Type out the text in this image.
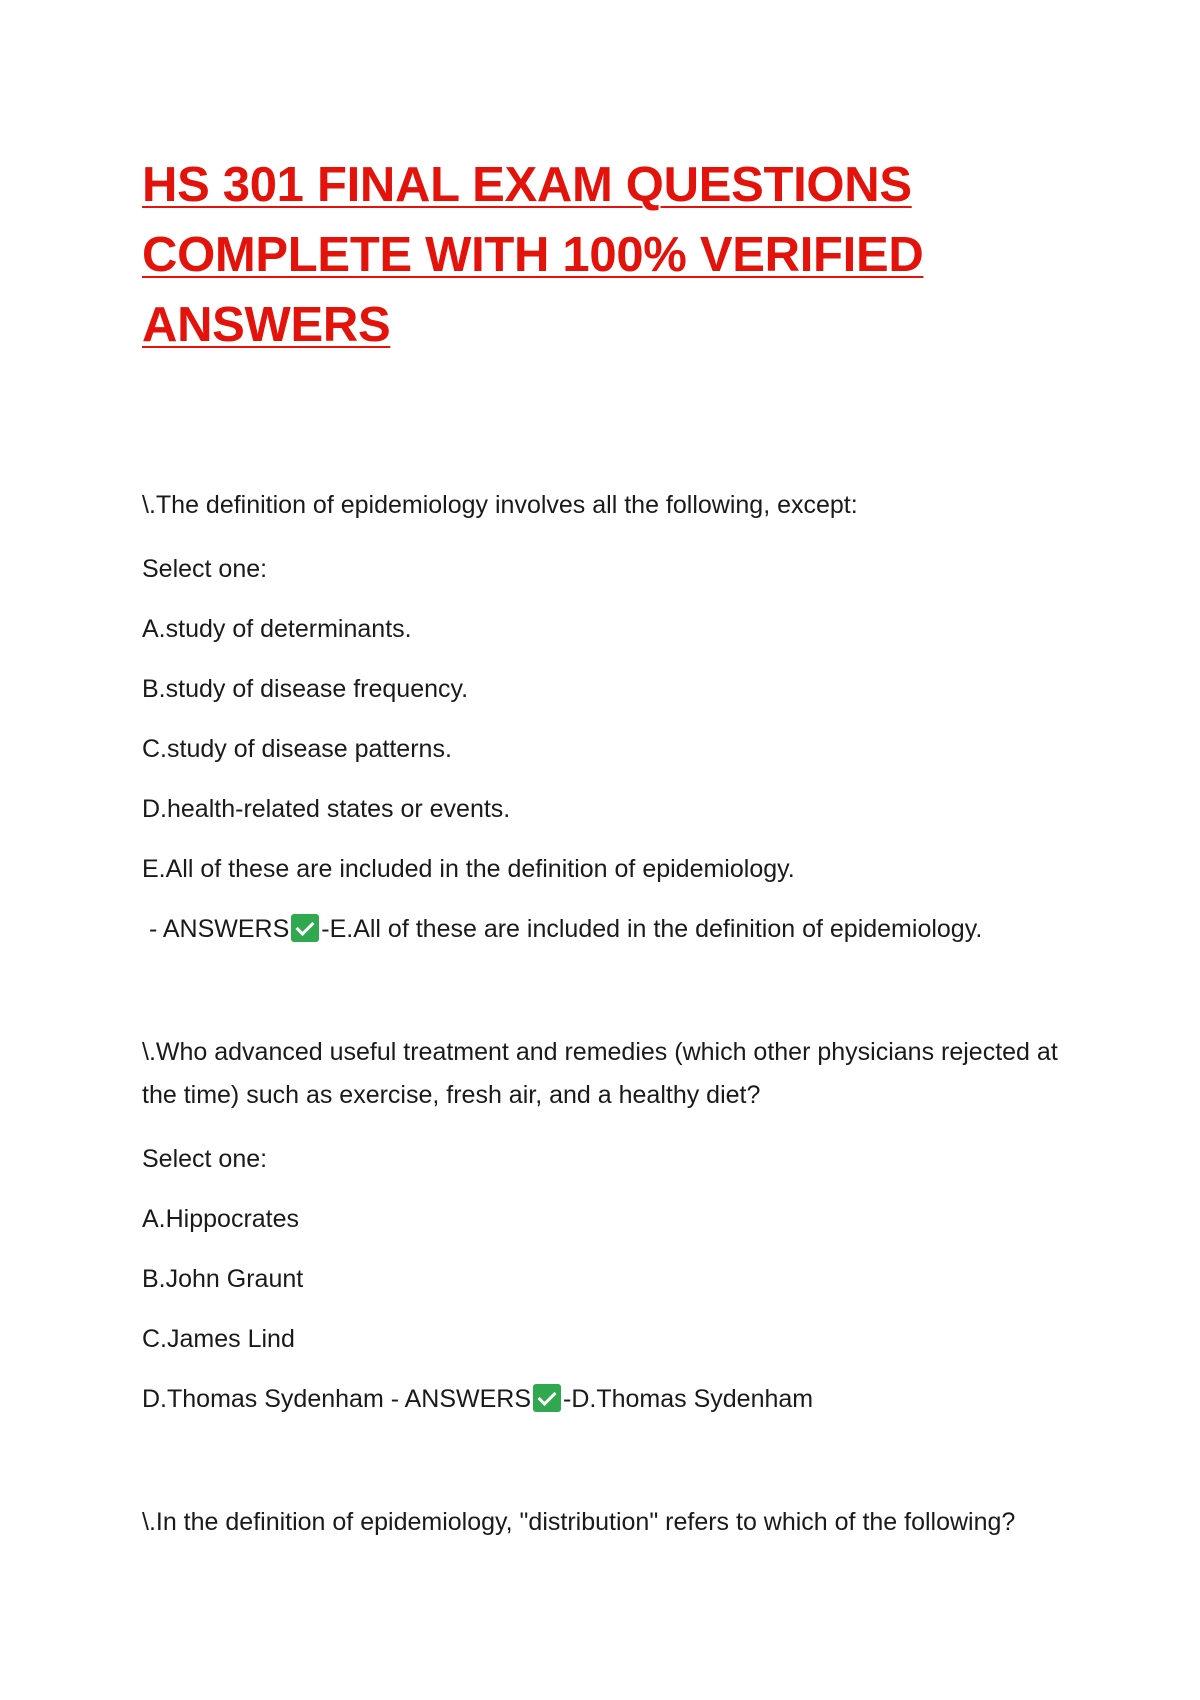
HS 301 FINAL EXAM QUESTIONS
COMPLETE WITH 100% VERIFIED
ANSWERS

\.The definition of epidemiology involves all the following, except:

Select one:

A.study of determinants.

B.study of disease frequency.

C.study of disease patterns.

D.health-related states or events.

E.All of these are included in the definition of epidemiology.

- ANSWERS -E.All of these are included in the definition of epidemiology.

\.Who advanced useful treatment and remedies (which other physicians rejected at the time) such as exercise, fresh air, and a healthy diet?

Select one:

A.Hippocrates

B.John Graunt

C.James Lind

D.Thomas Sydenham - ANSWERS -D.Thomas Sydenham

\.In the definition of epidemiology, "distribution" refers to which of the following?
